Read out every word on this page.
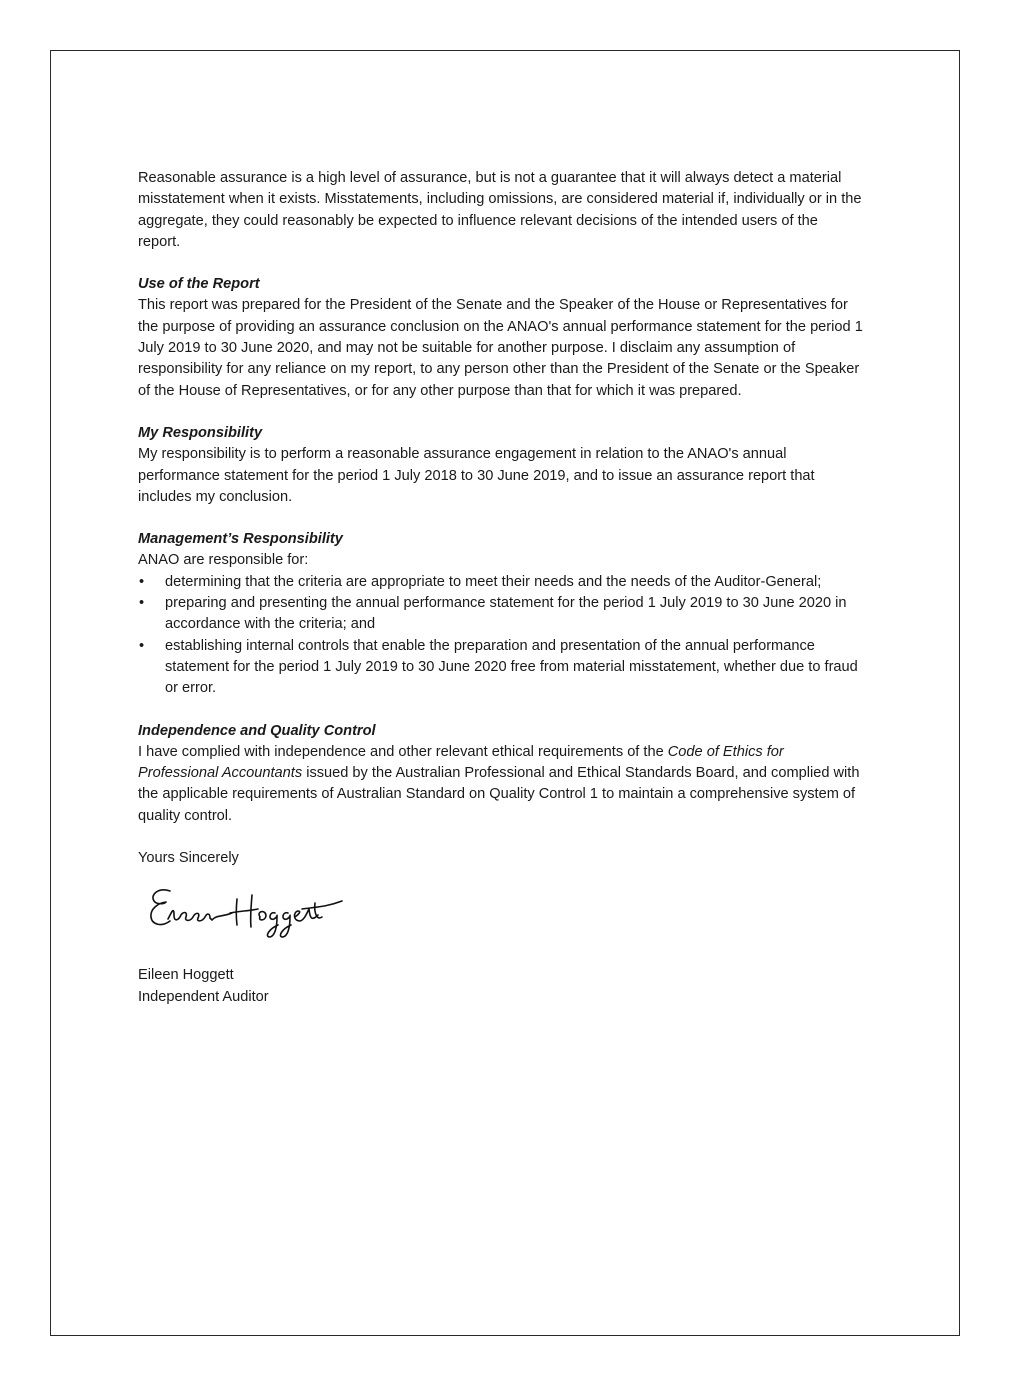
Reasonable assurance is a high level of assurance, but is not a guarantee that it will always detect a material misstatement when it exists. Misstatements, including omissions, are considered material if, individually or in the aggregate, they could reasonably be expected to influence relevant decisions of the intended users of the report.

Use of the Report

This report was prepared for the President of the Senate and the Speaker of the House or Representatives for the purpose of providing an assurance conclusion on the ANAO's annual performance statement for the period 1 July 2019 to 30 June 2020, and may not be suitable for another purpose. I disclaim any assumption of responsibility for any reliance on my report, to any person other than the President of the Senate or the Speaker of the House of Representatives, or for any other purpose than that for which it was prepared.

My Responsibility

My responsibility is to perform a reasonable assurance engagement in relation to the ANAO's annual performance statement for the period 1 July 2018 to 30 June 2019, and to issue an assurance report that includes my conclusion.

Management’s Responsibility

ANAO are responsible for:

• determining that the criteria are appropriate to meet their needs and the needs of the Auditor-General;
• preparing and presenting the annual performance statement for the period 1 July 2019 to 30 June 2020 in accordance with the criteria; and
• establishing internal controls that enable the preparation and presentation of the annual performance statement for the period 1 July 2019 to 30 June 2020 free from material misstatement, whether due to fraud or error.

Independence and Quality Control

I have complied with independence and other relevant ethical requirements of the Code of Ethics for Professional Accountants issued by the Australian Professional and Ethical Standards Board, and complied with the applicable requirements of Australian Standard on Quality Control 1 to maintain a comprehensive system of quality control.

Yours Sincerely

Eileen Hoggett

Independent Auditor
